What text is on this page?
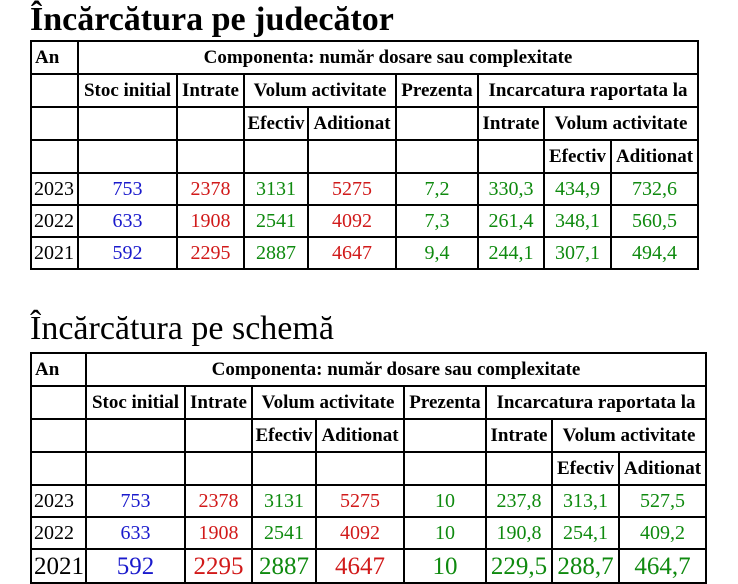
Încărcătura pe judecător
An	Componenta: număr dosare sau complexitate							
	Stoc initial	Intrate	Volum activitate		Prezenta	Incarcatura raportata la		
			Efectiv	Aditionat		Intrate	Volum activitate	
							Efectiv	Aditionat
2023	753	2378	3131	5275	7,2	330,3	434,9	732,6
2022	633	1908	2541	4092	7,3	261,4	348,1	560,5
2021	592	2295	2887	4647	9,4	244,1	307,1	494,4
Încărcătura pe schemă
An	Componenta: număr dosare sau complexitate							
	Stoc initial	Intrate	Volum activitate		Prezenta	Incarcatura raportata la		
			Efectiv	Aditionat		Intrate	Volum activitate	
							Efectiv	Aditionat
2023	753	2378	3131	5275	10	237,8	313,1	527,5
2022	633	1908	2541	4092	10	190,8	254,1	409,2
2021	592	2295	2887	4647	10	229,5	288,7	464,7
